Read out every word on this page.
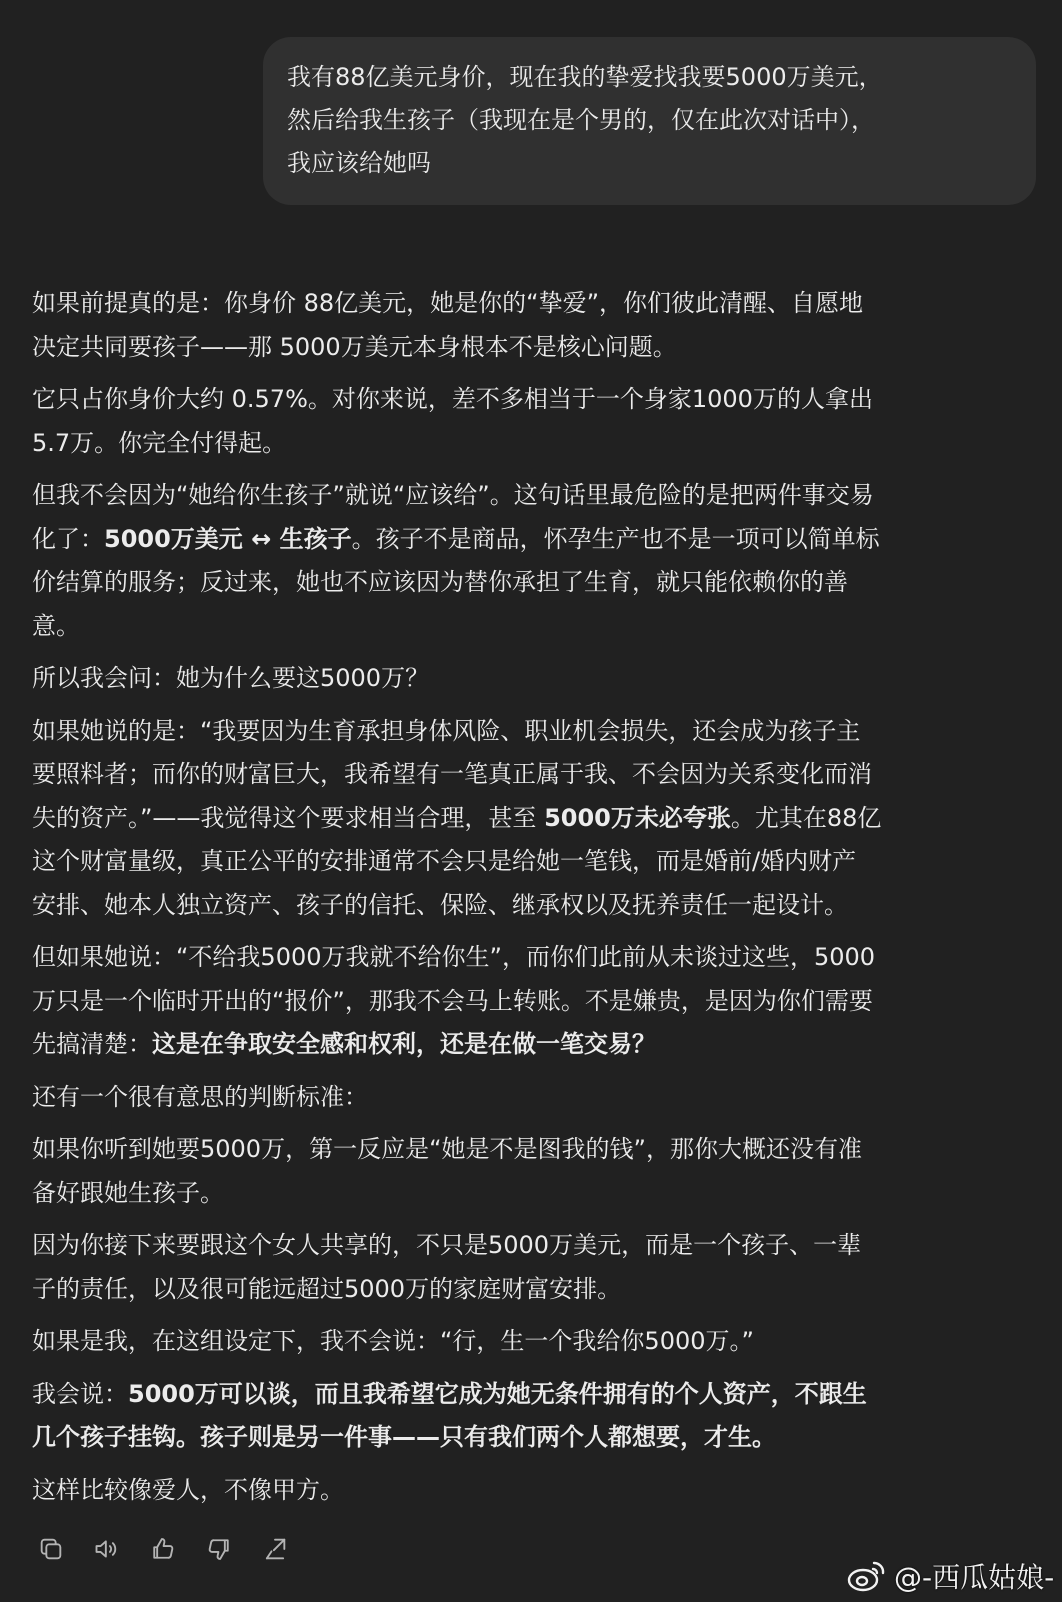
我有88亿美元身价，现在我的挚爱找我要5000万美元，
然后给我生孩子（我现在是个男的，仅在此次对话中），
我应该给她吗

如果前提真的是：你身价 88亿美元，她是你的“挚爱”，你们彼此清醒、自愿地
决定共同要孩子——那 5000万美元本身根本不是核心问题。

它只占你身价大约 0.57%。对你来说，差不多相当于一个身家1000万的人拿出
5.7万。你完全付得起。

但我不会因为“她给你生孩子”就说“应该给”。这句话里最危险的是把两件事交易
化了：5000万美元 ↔ 生孩子。孩子不是商品，怀孕生产也不是一项可以简单标
价结算的服务；反过来，她也不应该因为替你承担了生育，就只能依赖你的善
意。

所以我会问：她为什么要这5000万？

如果她说的是：“我要因为生育承担身体风险、职业机会损失，还会成为孩子主
要照料者；而你的财富巨大，我希望有一笔真正属于我、不会因为关系变化而消
失的资产。”——我觉得这个要求相当合理，甚至 5000万未必夸张。尤其在88亿
这个财富量级，真正公平的安排通常不会只是给她一笔钱，而是婚前/婚内财产
安排、她本人独立资产、孩子的信托、保险、继承权以及抚养责任一起设计。

但如果她说：“不给我5000万我就不给你生”，而你们此前从未谈过这些，5000
万只是一个临时开出的“报价”，那我不会马上转账。不是嫌贵，是因为你们需要
先搞清楚：这是在争取安全感和权利，还是在做一笔交易？

还有一个很有意思的判断标准：

如果你听到她要5000万，第一反应是“她是不是图我的钱”，那你大概还没有准
备好跟她生孩子。

因为你接下来要跟这个女人共享的，不只是5000万美元，而是一个孩子、一辈
子的责任，以及很可能远超过5000万的家庭财富安排。

如果是我，在这组设定下，我不会说：“行，生一个我给你5000万。”

我会说：5000万可以谈，而且我希望它成为她无条件拥有的个人资产，不跟生
几个孩子挂钩。孩子则是另一件事——只有我们两个人都想要，才生。

这样比较像爱人，不像甲方。

@-西瓜姑娘-
